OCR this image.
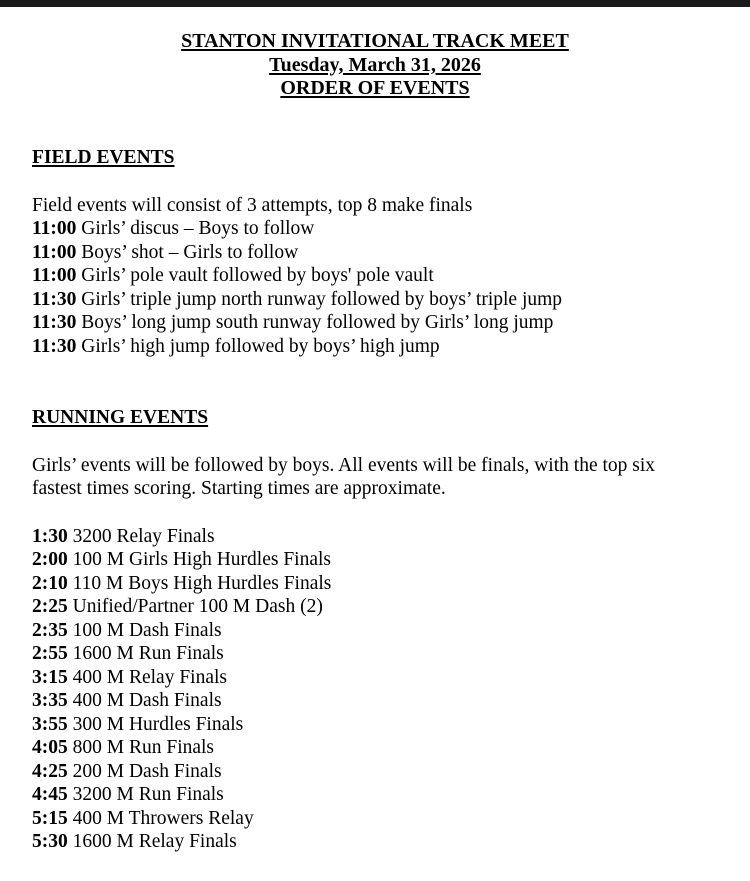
STANTON INVITATIONAL TRACK MEET
Tuesday, March 31, 2026
ORDER OF EVENTS
FIELD EVENTS
Field events will consist of 3 attempts, top 8 make finals
11:00 Girls’ discus – Boys to follow
11:00 Boys’ shot – Girls to follow
11:00 Girls’ pole vault followed by boys' pole vault
11:30 Girls’ triple jump north runway followed by boys’ triple jump
11:30 Boys’ long jump south runway followed by Girls’ long jump
11:30 Girls’ high jump followed by boys’ high jump
RUNNING EVENTS
Girls’ events will be followed by boys. All events will be finals, with the top six
fastest times scoring. Starting times are approximate.
1:30 3200 Relay Finals
2:00 100 M Girls High Hurdles Finals
2:10 110 M Boys High Hurdles Finals
2:25 Unified/Partner 100 M Dash (2)
2:35 100 M Dash Finals
2:55 1600 M Run Finals
3:15 400 M Relay Finals
3:35 400 M Dash Finals
3:55 300 M Hurdles Finals
4:05 800 M Run Finals
4:25 200 M Dash Finals
4:45 3200 M Run Finals
5:15 400 M Throwers Relay
5:30 1600 M Relay Finals
